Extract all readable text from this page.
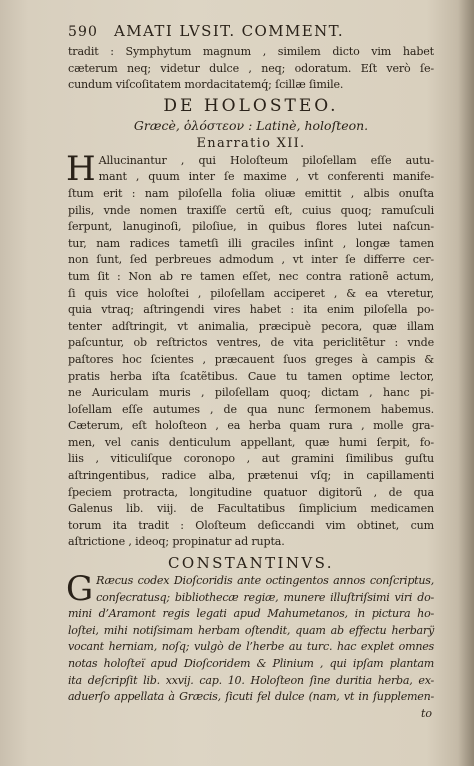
590 AMATI LVSIT. COMMENT.
tradit : Symphytum magnum , similem dicto vim habet
cæterum neq; videtur dulce , neq; odoratum. Eſt verò ſe-
cundum viſcoſitatem mordacitatemq́; ſcillæ ſimile.
DE HOLOSTEO.
Græcè, ὁλόστεον : Latinè, holoſteon.
Enarratio XII.
H Allucinantur , qui Holoſteum piloſellam eſſe autu-
mant , quum inter ſe maxime , vt conferenti manife-
ſtum erit : nam piloſella folia oliuæ emittit , albis onuſta
pilis, vnde nomen traxiſſe certũ eſt, cuius quoq; ramuſculi
ſerpunt, lanuginoſi, piloſiue, in quibus flores lutei naſcun-
tur, nam radices tametſi illi graciles inſint , longæ tamen
non ſunt, ſed perbreues admodum , vt inter ſe differre cer-
tum ſit : Non ab re tamen eſſet, nec contra rationẽ actum,
ſi quis vice holoſtei , piloſellam acciperet , & ea vteretur,
quia vtraq; aſtringendi vires habet : ita enim piloſella po-
tenter adſtringit, vt animalia, præcipuè pecora, quæ illam
paſcuntur, ob reſtrictos ventres, de vita periclitẽtur : vnde
paſtores hoc ſcientes , præcauent ſuos greges à campis &
pratis herba iſta ſcatẽtibus. Caue tu tamen optime lector,
ne Auriculam muris , piloſellam quoq; dictam , hanc pi-
loſellam eſſe autumes , de qua nunc ſermonem habemus.
Cæterum, eſt holoſteon , ea herba quam rura , molle gra-
men, vel canis denticulum appellant, quæ humi ſerpit, fo-
liis , viticuliſque coronopo , aut gramini ſimilibus guſtu
aſtringentibus, radice alba, prætenui vſq; in capillamenti
ſpeciem protracta, longitudine quatuor digitorũ , de qua
Galenus lib. viij. de Facultatibus ſimplicium medicamen
torum ita tradit : Oloſteum deſiccandi vim obtinet, cum
aſtrictione , ideoq; propinatur ad rupta.
CONSTANTINVS.
G Ræcus codex Dioſcoridis ante octingentos annos conſcriptus,
conſecratusq; bibliothecæ regiæ, munere illuſtriſsimi viri do-
mini d’Aramont regis legati apud Mahumetanos, in pictura ho-
loſtei, mihi notiſsimam herbam oſtendit, quam ab effectu herbarÿ
vocant herniam, noſq; vulgò de l’herbe au turc. hac explet omnes
notas holoſteï apud Dioſcoridem & Plinium , qui ipſam plantam
ita deſcripſit lib. xxvij. cap. 10. Holoſteon ſine duritia herba, ex-
aduerſo appellata à Græcis, ſicuti fel dulce (nam, vt in ſupplemen-
to
